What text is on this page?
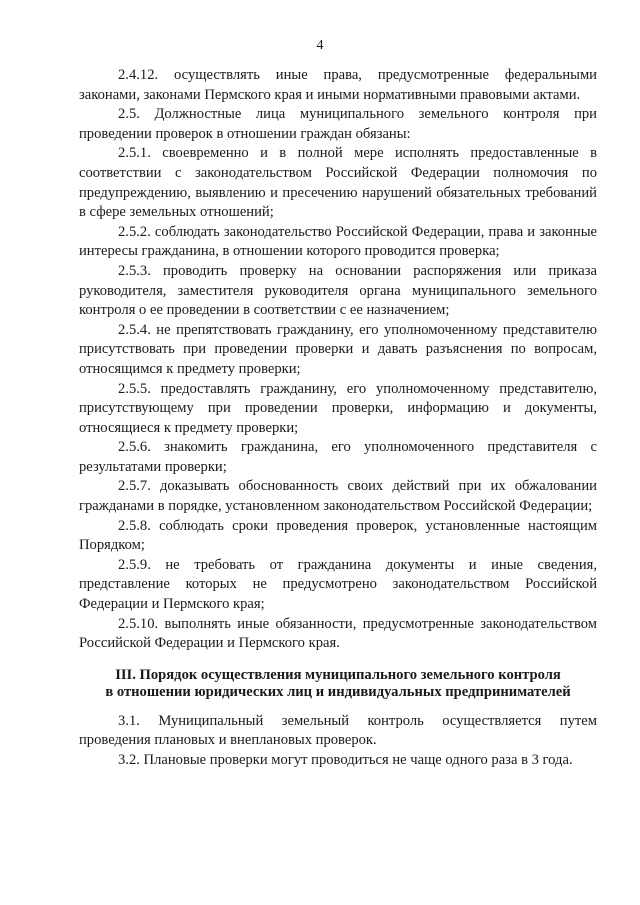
4

2.4.12. осуществлять иные права, предусмотренные федеральными законами, законами Пермского края и иными нормативными правовыми актами.

2.5. Должностные лица муниципального земельного контроля при проведении проверок в отношении граждан обязаны:

2.5.1. своевременно и в полной мере исполнять предоставленные в соответствии с законодательством Российской Федерации полномочия по предупреждению, выявлению и пресечению нарушений обязательных требований в сфере земельных отношений;

2.5.2. соблюдать законодательство Российской Федерации, права и законные интересы гражданина, в отношении которого проводится проверка;

2.5.3. проводить проверку на основании распоряжения или приказа руководителя, заместителя руководителя органа муниципального земельного контроля о ее проведении в соответствии с ее назначением;

2.5.4. не препятствовать гражданину, его уполномоченному представителю присутствовать при проведении проверки и давать разъяснения по вопросам, относящимся к предмету проверки;

2.5.5. предоставлять гражданину, его уполномоченному представителю, присутствующему при проведении проверки, информацию и документы, относящиеся к предмету проверки;

2.5.6. знакомить гражданина, его уполномоченного представителя с результатами проверки;

2.5.7. доказывать обоснованность своих действий при их обжаловании гражданами в порядке, установленном законодательством Российской Федерации;

2.5.8. соблюдать сроки проведения проверок, установленные настоящим Порядком;

2.5.9. не требовать от гражданина документы и иные сведения, представление которых не предусмотрено законодательством Российской Федерации и Пермского края;

2.5.10. выполнять иные обязанности, предусмотренные законодательством Российской Федерации и Пермского края.

III. Порядок осуществления муниципального земельного контроля
в отношении юридических лиц и индивидуальных предпринимателей

3.1. Муниципальный земельный контроль осуществляется путем проведения плановых и внеплановых проверок.

3.2. Плановые проверки могут проводиться не чаще одного раза в 3 года.
